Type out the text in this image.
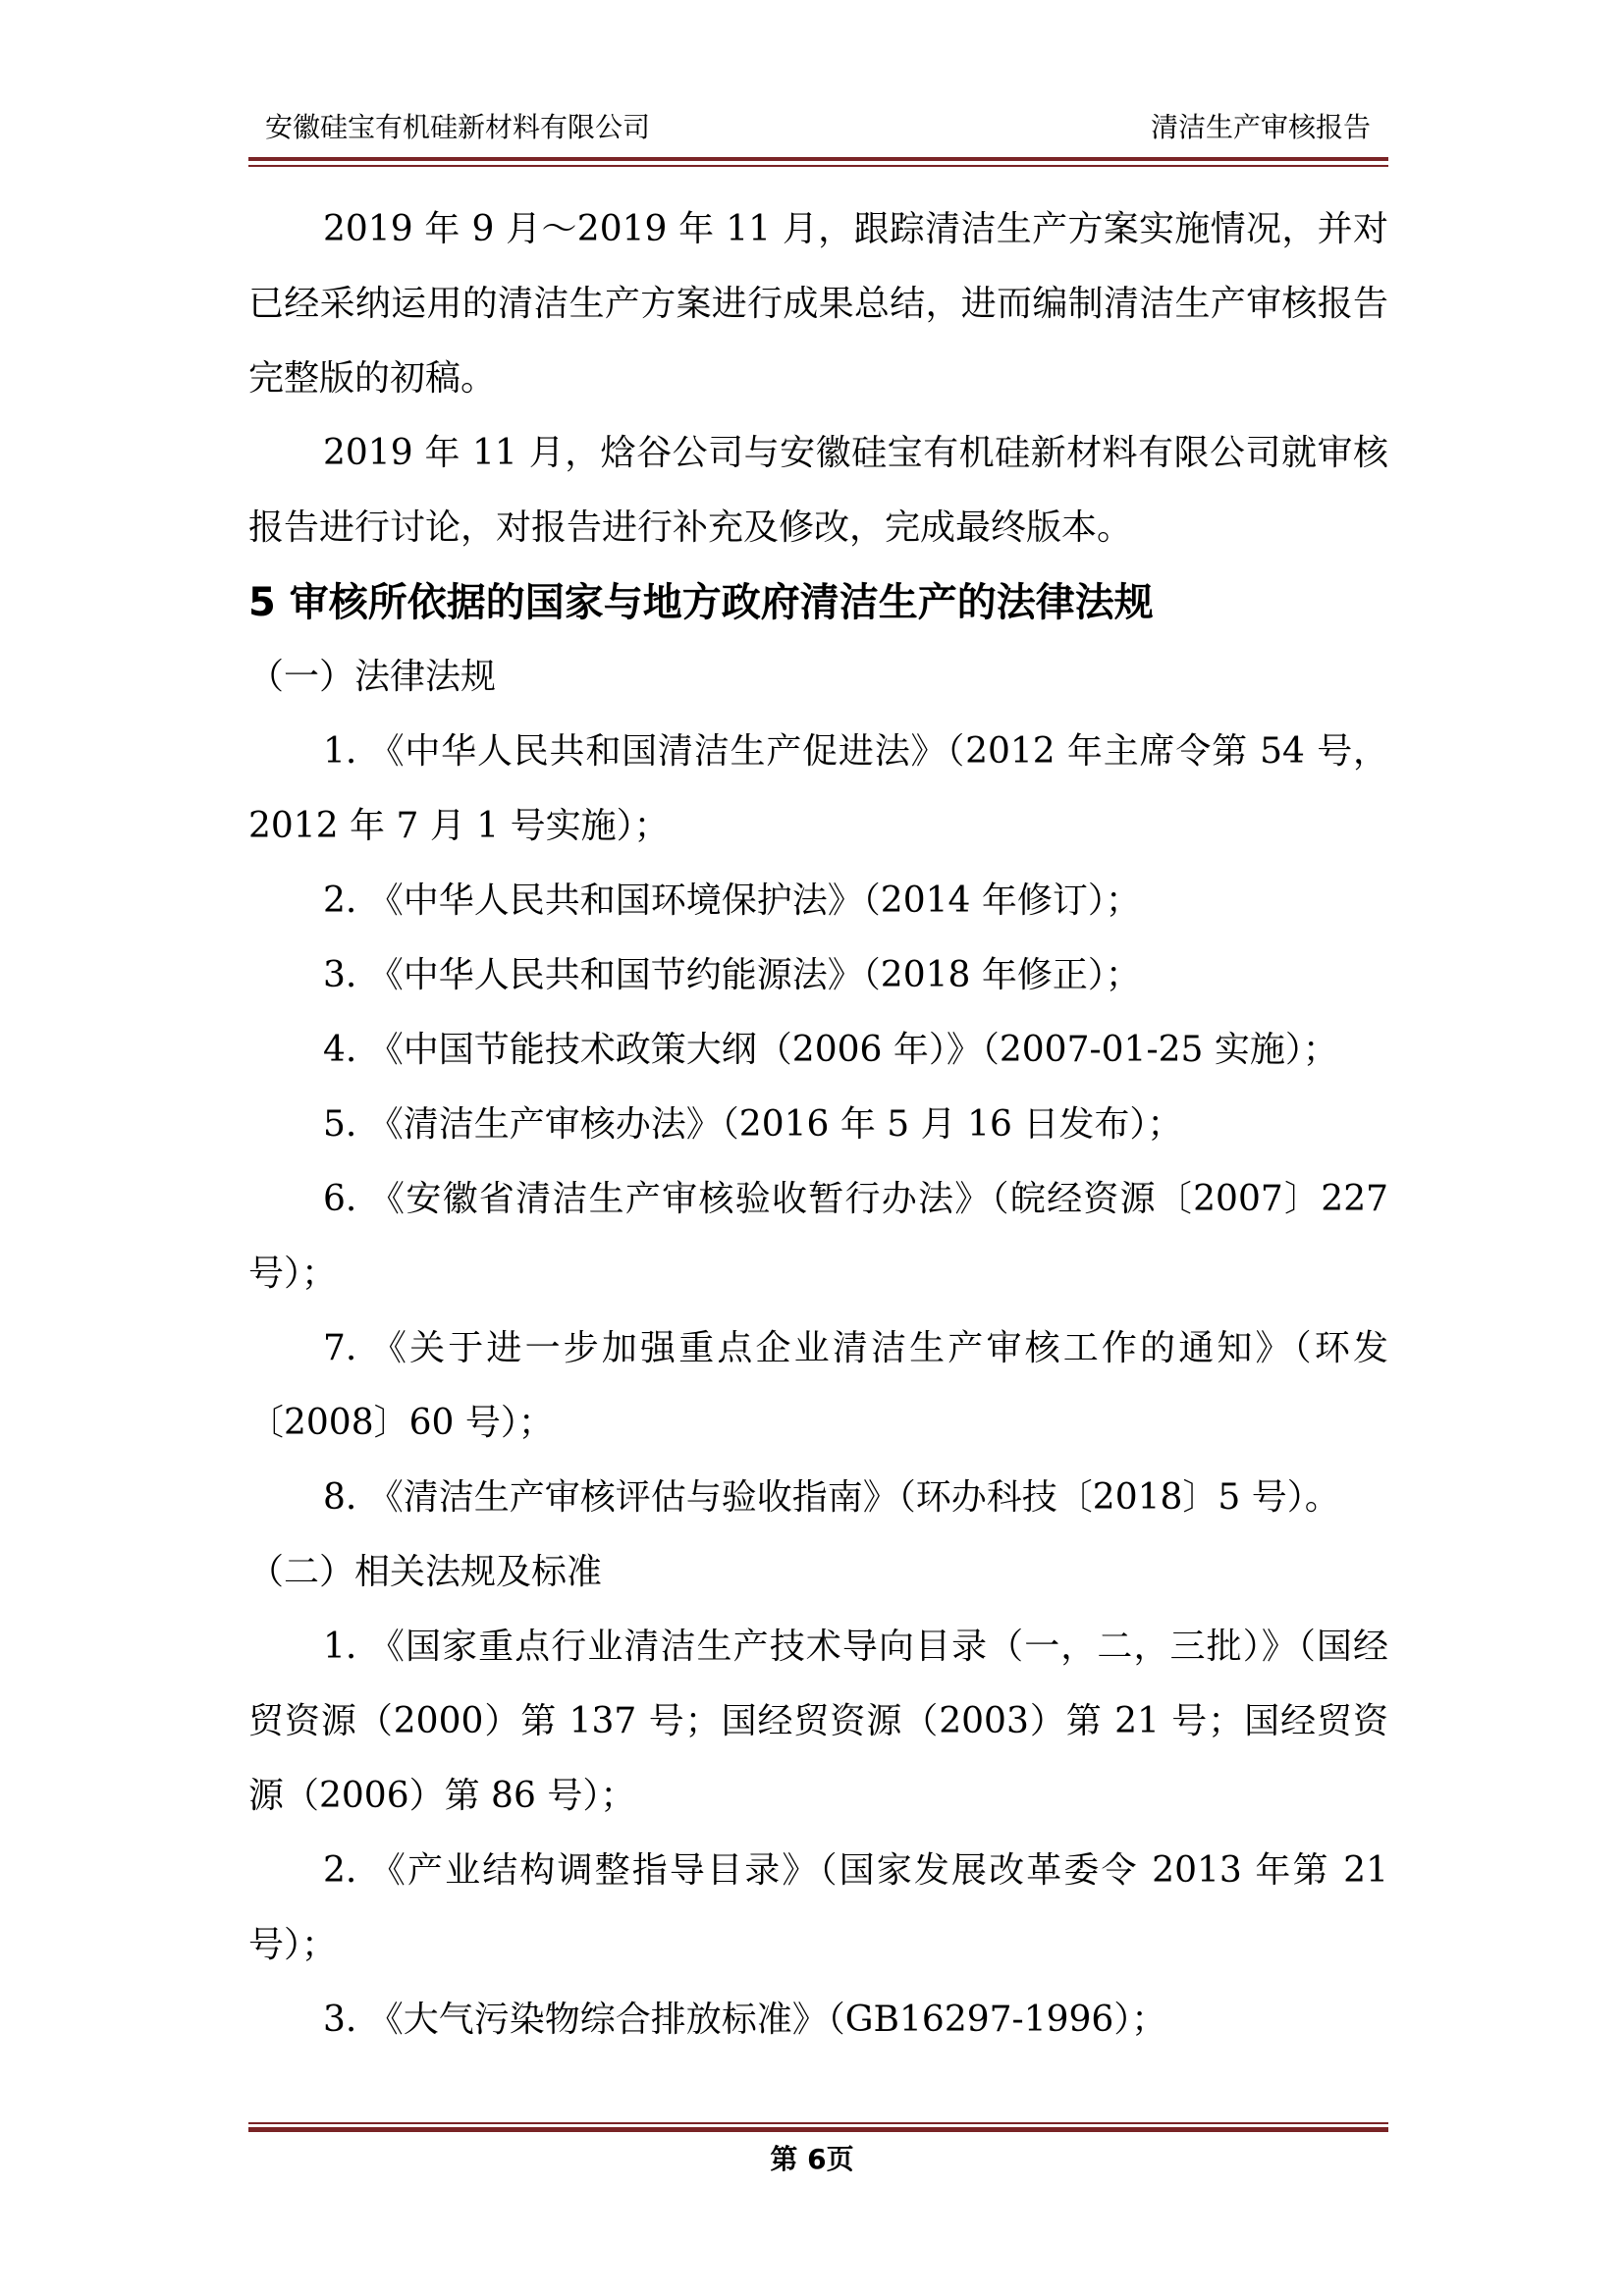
安徽硅宝有机硅新材料有限公司	清洁生产审核报告

2019 年 9 月～2019 年 11 月，跟踪清洁生产方案实施情况，并对已经采纳运用的清洁生产方案进行成果总结，进而编制清洁生产审核报告完整版的初稿。

2019 年 11 月，焓谷公司与安徽硅宝有机硅新材料有限公司就审核报告进行讨论，对报告进行补充及修改，完成最终版本。

5 审核所依据的国家与地方政府清洁生产的法律法规

（一）法律法规

1. 《中华人民共和国清洁生产促进法》（2012 年主席令第 54 号，2012 年 7 月 1 号实施）；

2. 《中华人民共和国环境保护法》（2014 年修订）；

3. 《中华人民共和国节约能源法》（2018 年修正）；

4. 《中国节能技术政策大纲（2006 年）》（2007-01-25 实施）；

5. 《清洁生产审核办法》（2016 年 5 月 16 日发布）；

6. 《安徽省清洁生产审核验收暂行办法》（皖经资源〔2007〕227 号）；

7. 《关于进一步加强重点企业清洁生产审核工作的通知》（环发〔2008〕60 号）；

8. 《清洁生产审核评估与验收指南》（环办科技〔2018〕5 号）。

（二）相关法规及标准

1. 《国家重点行业清洁生产技术导向目录（一，二，三批）》（国经贸资源（2000）第 137 号；国经贸资源（2003）第 21 号；国经贸资源（2006）第 86 号）；

2. 《产业结构调整指导目录》（国家发展改革委令 2013 年第 21 号）；

3. 《大气污染物综合排放标准》（GB16297-1996）；

第 6页
